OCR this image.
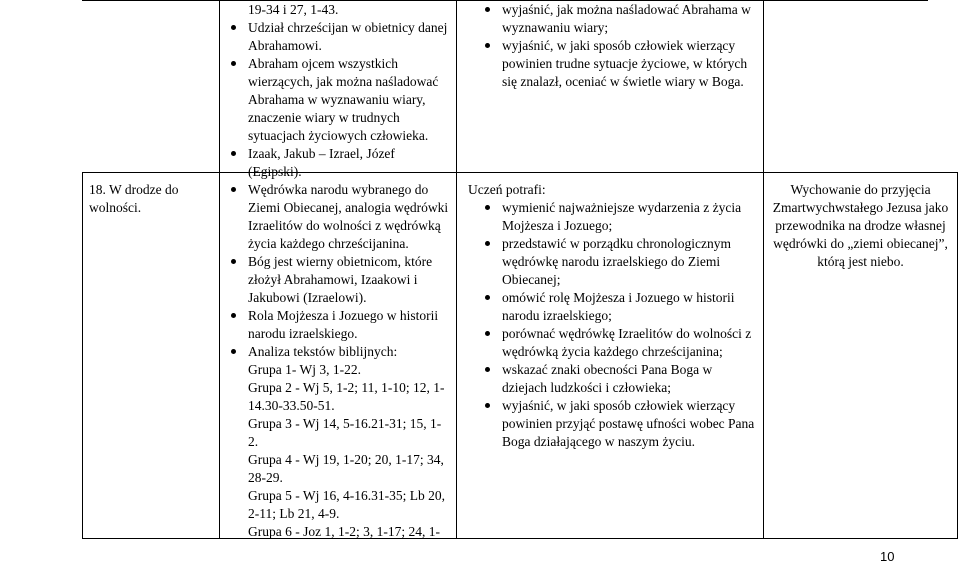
19-34 i 27, 1-43.
Udział chrześcijan w obietnicy danej Abrahamowi.
Abraham ojcem wszystkich wierzących, jak można naśladować Abrahama w wyznawaniu wiary, znaczenie wiary w trudnych sytuacjach życiowych człowieka.
Izaak, Jakub – Izrael, Józef (Egipski).
wyjaśnić, jak można naśladować Abrahama w wyznawaniu wiary;
wyjaśnić, w jaki sposób człowiek wierzący powinien trudne sytuacje życiowe, w których się znalazł, oceniać w świetle wiary w Boga.

18. W drodze do wolności.

Wędrówka narodu wybranego do Ziemi Obiecanej, analogia wędrówki Izraelitów do wolności z wędrówką życia każdego chrześcijanina.
Bóg jest wierny obietnicom, które złożył Abrahamowi, Izaakowi i Jakubowi (Izraelowi).
Rola Mojżesza i Jozuego w historii narodu izraelskiego.
Analiza tekstów biblijnych:
Grupa 1- Wj 3, 1-22.
Grupa 2 - Wj 5, 1-2; 11, 1-10; 12, 1-14.30-33.50-51.
Grupa 3 - Wj 14, 5-16.21-31; 15, 1-2.
Grupa 4 - Wj 19, 1-20; 20, 1-17; 34, 28-29.
Grupa 5 - Wj 16, 4-16.31-35; Lb 20, 2-11; Lb 21, 4-9.
Grupa 6 - Joz 1, 1-2; 3, 1-17; 24, 1-

Uczeń potrafi:

wymienić najważniejsze wydarzenia z życia Mojżesza i Jozuego;
przedstawić w porządku chronologicznym wędrówkę narodu izraelskiego do Ziemi Obiecanej;
omówić rolę Mojżesza i Jozuego w historii narodu izraelskiego;
porównać wędrówkę Izraelitów do wolności z wędrówką życia każdego chrześcijanina;
wskazać znaki obecności Pana Boga w dziejach ludzkości i człowieka;
wyjaśnić, w jaki sposób człowiek wierzący powinien przyjąć postawę ufności wobec Pana Boga działającego w naszym życiu.

Wychowanie do przyjęcia Zmartwychwstałego Jezusa jako przewodnika na drodze własnej wędrówki do „ziemi obiecanej”, którą jest niebo.

10
